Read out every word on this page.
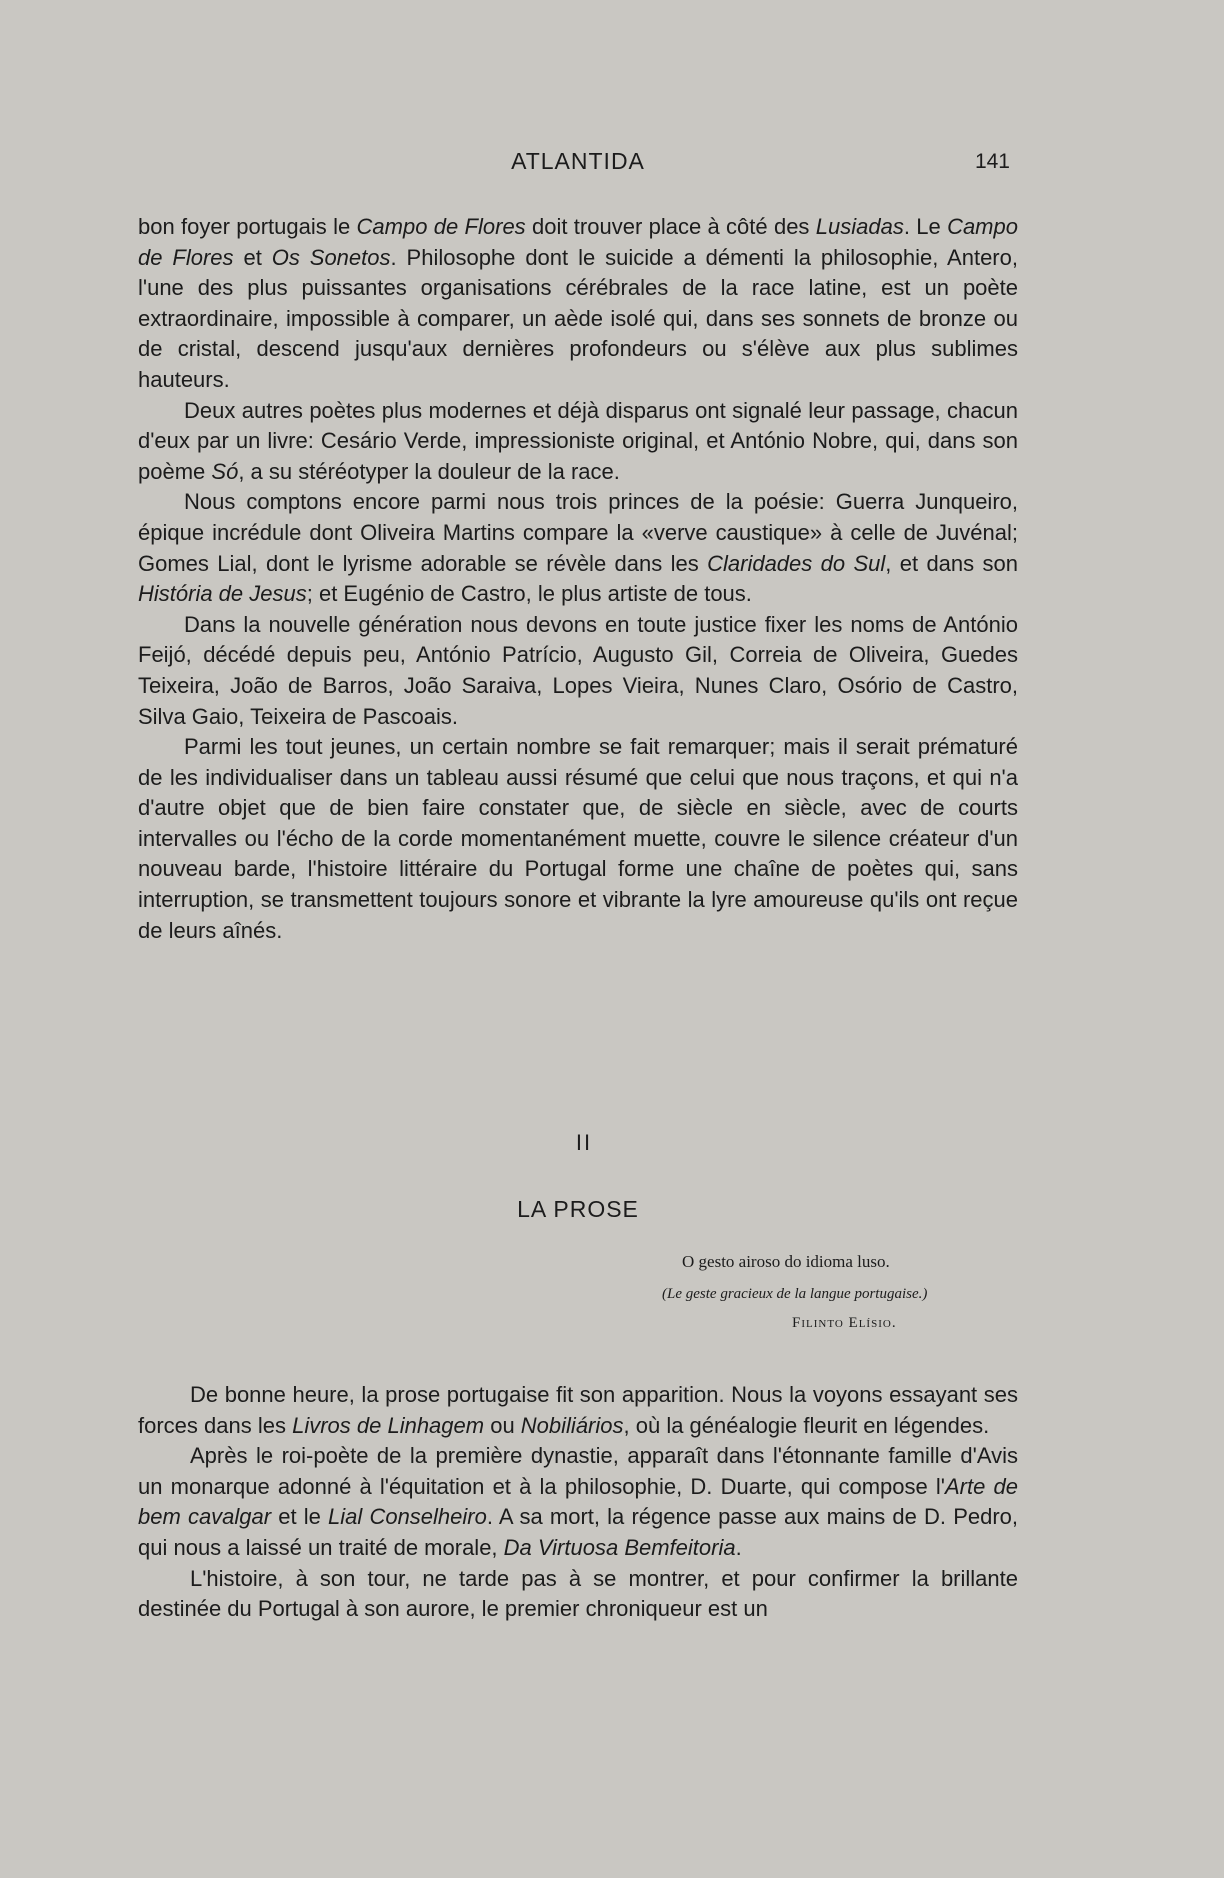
ATLANTIDA	141

bon foyer portugais le Campo de Flores doit trouver place à côté des Lusiadas. Le Campo de Flores et Os Sonetos. Philosophe dont le suicide a démenti la philosophie, Antero, l'une des plus puissantes organisations cérébrales de la race latine, est un poète extraordinaire, impossible à comparer, un aède isolé qui, dans ses sonnets de bronze ou de cristal, descend jusqu'aux dernières profondeurs ou s'élève aux plus sublimes hauteurs.

Deux autres poètes plus modernes et déjà disparus ont signalé leur passage, chacun d'eux par un livre: Cesário Verde, impressioniste original, et António Nobre, qui, dans son poème Só, a su stéréotyper la douleur de la race.

Nous comptons encore parmi nous trois princes de la poésie: Guerra Junqueiro, épique incrédule dont Oliveira Martins compare la «verve caustique» à celle de Juvénal; Gomes Lial, dont le lyrisme adorable se révèle dans les Claridades do Sul, et dans son História de Jesus; et Eugénio de Castro, le plus artiste de tous.

Dans la nouvelle génération nous devons en toute justice fixer les noms de António Feijó, décédé depuis peu, António Patrício, Augusto Gil, Correia de Oliveira, Guedes Teixeira, João de Barros, João Saraiva, Lopes Vieira, Nunes Claro, Osório de Castro, Silva Gaio, Teixeira de Pascoais.

Parmi les tout jeunes, un certain nombre se fait remarquer; mais il serait prématuré de les individualiser dans un tableau aussi résumé que celui que nous traçons, et qui n'a d'autre objet que de bien faire constater que, de siècle en siècle, avec de courts intervalles ou l'écho de la corde momentanément muette, couvre le silence créateur d'un nouveau barde, l'histoire littéraire du Portugal forme une chaîne de poètes qui, sans interruption, se transmettent toujours sonore et vibrante la lyre amoureuse qu'ils ont reçue de leurs aînés.

II
LA PROSE
O gesto airoso do idioma luso.
(Le geste gracieux de la langue portugaise.)
Filinto Elísio.

De bonne heure, la prose portugaise fit son apparition. Nous la voyons essayant ses forces dans les Livros de Linhagem ou Nobiliários, où la généalogie fleurit en légendes.

Après le roi-poète de la première dynastie, apparaît dans l'étonnante famille d'Avis un monarque adonné à l'équitation et à la philosophie, D. Duarte, qui compose l'Arte de bem cavalgar et le Lial Conselheiro. A sa mort, la régence passe aux mains de D. Pedro, qui nous a laissé un traité de morale, Da Virtuosa Bemfeitoria.

L'histoire, à son tour, ne tarde pas à se montrer, et pour confirmer la brillante destinée du Portugal à son aurore, le premier chroniqueur est un
